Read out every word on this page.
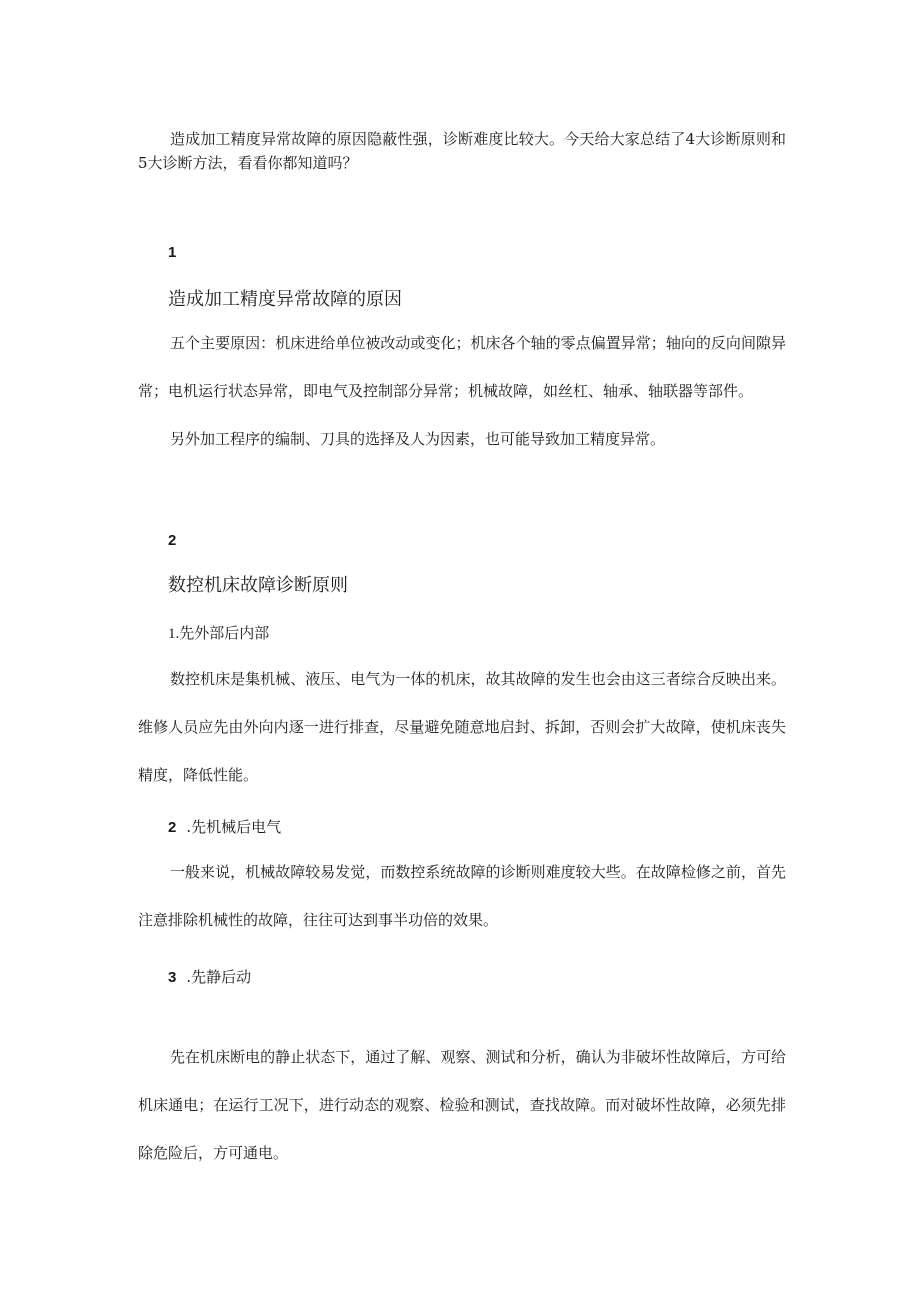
造成加工精度异常故障的原因隐蔽性强，诊断难度比较大。今天给大家总结了4大诊断原则和5大诊断方法，看看你都知道吗？

1

造成加工精度异常故障的原因

五个主要原因：机床进给单位被改动或变化；机床各个轴的零点偏置异常；轴向的反向间隙异常；电机运行状态异常，即电气及控制部分异常；机械故障，如丝杠、轴承、轴联器等部件。

另外加工程序的编制、刀具的选择及人为因素，也可能导致加工精度异常。

2

数控机床故障诊断原则

1.先外部后内部

数控机床是集机械、液压、电气为一体的机床，故其故障的发生也会由这三者综合反映出来。维修人员应先由外向内逐一进行排查，尽量避免随意地启封、拆卸，否则会扩大故障，使机床丧失精度，降低性能。

2 .先机械后电气

一般来说，机械故障较易发觉，而数控系统故障的诊断则难度较大些。在故障检修之前，首先注意排除机械性的故障，往往可达到事半功倍的效果。

3 .先静后动

先在机床断电的静止状态下，通过了解、观察、测试和分析，确认为非破坏性故障后，方可给机床通电；在运行工况下，进行动态的观察、检验和测试，查找故障。而对破坏性故障，必须先排除危险后，方可通电。
